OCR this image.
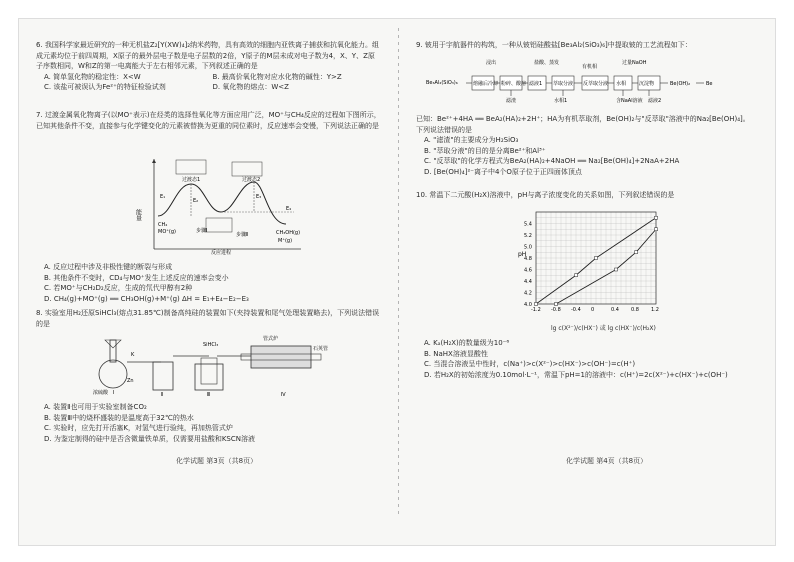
6. 我国科学家最近研究的一种无机盐Z₂[Y(XW)₄]₂纳米药物，具有高效的细胞内亚铁离子捕获和抗氧化能力。组成元素均位于前四周期，X原子的最外层电子数是电子层数的2倍，Y原子的M层未成对电子数为4，X、Y、Z原子序数相同，W和Z的第一电离能大于左右相邻元素，下列叙述正确的是

A. 简单氢化物的稳定性：X<W	B. 最高价氧化物对应水化物的碱性：Y>Z
C. 该盐可被误认为Fe²⁺的特征检验试剂	D. 氧化物的熔点：W<Z

7. 过渡金属氧化物离子(以MO⁺表示)在烃类的选择性氧化等方面应用广泛，MO⁺与CH₄反应的过程如下图所示，已知其他条件不变，直接参与化学键变化的元素被替换为更重的同位素时，反应速率会变慢，下列说法正确的是

过渡态1	过渡态2
步骤Ⅰ
步骤Ⅱ
CH₄
MO⁺(g)	CH₃OH(g)
M⁺(g)
E₁
E₂
E₃
E₄
能量
反应进程
A. 反应过程中涉及非极性键的断裂与形成
B. 其他条件不变时，CD₄与MO⁺发生上述反应的速率会变小
C. 若MO⁺与CH₂D₂反应，生成的氘代甲醇有2种
D. CH₄(g)+MO⁺(g) ══ CH₃OH(g)+M⁺(g) ΔH = E₁+E₄−E₂−E₃

8. 实验室用H₂还原SiHCl₃(熔点31.85℃)制备高纯硅的装置如下(夹持装置和尾气处理装置略去)，下列说法错误的是

浓硫酸
SiHCl₃
管式炉
石英管
Zn
Ⅰ	Ⅱ	Ⅲ	Ⅳ
K
A. 装置Ⅱ也可用于实验室制备CO₂
B. 装置Ⅲ中的烧杯盛装的是温度高于32℃的热水
C. 实验时，应先打开活塞K，对氢气进行验纯，再加热管式炉
D. 为鉴定制得的硅中是否含微量铁单质，仅需要用盐酸和KSCN溶液
化学试题 第3页（共8页）

9. 铍用于宇航器件的构筑，一种从铍铝硅酸盐[Be₃Al₂(SiO₃)₆]中提取铍的工艺流程如下：

Be₃Al₂(SiO₃)₆	熔融后冷却 粉碎、酸溶 滤液1 萃取分液
水相1
反萃取分液
有机相
水相	沉淀物	Be(OH)₂	Be
浸出
滤渣	含NaAl溶液 滤液2
过量NaOH
盐酸、蒸发

已知：Be²⁺+4HA ══ BeA₂(HA)₂+2H⁺；HA为有机萃取剂，Be(OH)₂与"反萃取"溶液中的Na₂[Be(OH)₄]。

下列说法错误的是

A. "滤渣"的主要成分为H₂SiO₃
B. "萃取分液"的目的是分离Be²⁺和Al³⁺
C. "反萃取"的化学方程式为BeA₂(HA)₂+4NaOH ══ Na₂[Be(OH)₄]+2NaA+2HA
D. [Be(OH)₄]²⁻离子中4个O原子位于正四面体顶点

10. 常温下二元酸(H₂X)溶液中，pH与离子浓度变化的关系如图，下列叙述错误的是

-1.2 -0.8 -0.4 0	0.4 0.8 1.2
4.0
4.2
4.4
4.6
4.8
5.0
5.2
5.4
pH
lg c(X²⁻)/c(HX⁻) 或 lg c(HX⁻)/c(H₂X)
A. Kₐ(H₂X)的数量级为10⁻⁶
B. NaHX溶液显酸性
C. 当混合溶液呈中性时，c(Na⁺)>c(X²⁻)>c(HX⁻)>c(OH⁻)=c(H⁺)
D. 若H₂X的初始浓度为0.10mol·L⁻¹，常温下pH=1的溶液中：c(H⁺)=2c(X²⁻)+c(HX⁻)+c(OH⁻)
化学试题 第4页（共8页）
